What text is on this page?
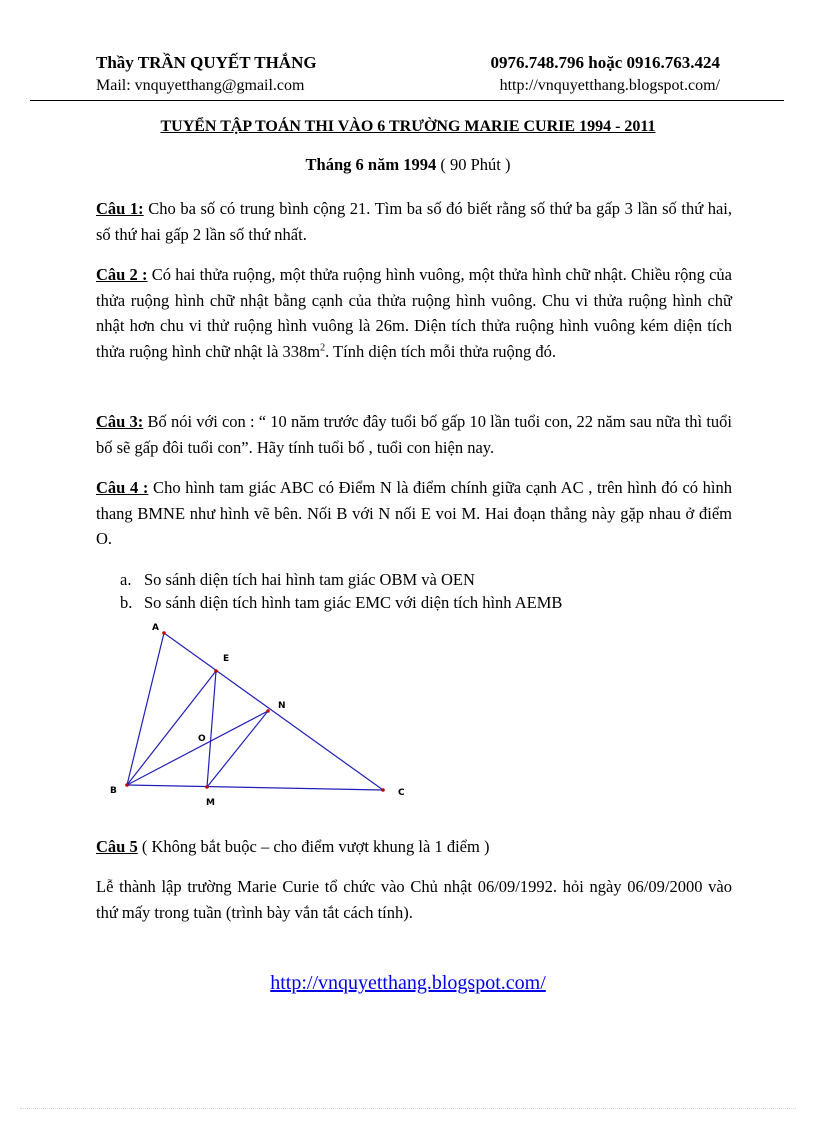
Thầy TRẦN QUYẾT THẮNG	0976.748.796 hoặc 0916.763.424
Mail: vnquyetthang@gmail.com	http://vnquyetthang.blogspot.com/
TUYỂN TẬP TOÁN THI VÀO 6 TRƯỜNG MARIE CURIE 1994 - 2011
Tháng 6 năm 1994 ( 90 Phút )
Câu 1: Cho ba số có trung bình cộng 21. Tìm ba số đó biết rằng số thứ ba gấp 3 lần số thứ hai, số thứ hai gấp 2 lần số thứ nhất.
Câu 2 : Có hai thửa ruộng, một thửa ruộng hình vuông, một thửa hình chữ nhật. Chiều rộng của thửa ruộng hình chữ nhật bằng cạnh của thửa ruộng hình vuông. Chu vi thửa ruộng hình chữ nhật hơn chu vi thử ruộng hình vuông là 26m. Diện tích thửa ruộng hình vuông kém diện tích thửa ruộng hình chữ nhật là $338m^2$. Tính diện tích mỗi thửa ruộng đó.
Câu 3: Bố nói với con : “ 10 năm trước đây tuổi bố gấp 10 lần tuổi con, 22 năm sau nữa thì tuổi bố sẽ gấp đôi tuổi con”. Hãy tính tuổi bố , tuổi con hiện nay.
Câu 4 : Cho hình tam giác ABC có Điểm N là điểm chính giữa cạnh AC , trên hình đó có hình thang BMNE như hình vẽ bên. Nối B với N nối E voi M. Hai đoạn thẳng này gặp nhau ở điểm O.
a. So sánh diện tích hai hình tam giác OBM và OEN
b. So sánh diện tích hình tam giác EMC với diện tích hình AEMB
A
E
N
O
B
M
C
Câu 5 ( Không bắt buộc – cho điểm vượt khung là 1 điểm )
Lễ thành lập trường Marie Curie tổ chức vào Chủ nhật 06/09/1992. hỏi ngày 06/09/2000 vào thứ mấy trong tuần (trình bày vắn tắt cách tính).
http://vnquyetthang.blogspot.com/
